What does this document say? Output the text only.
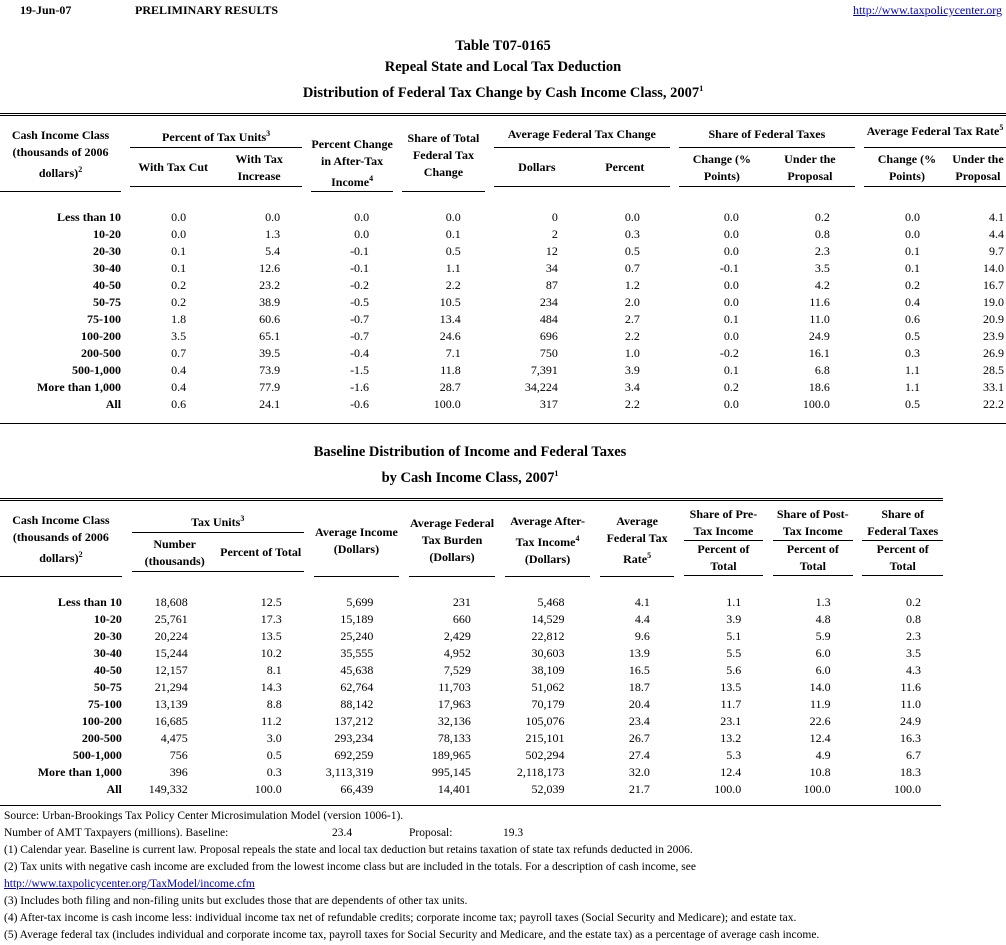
19-Jun-07	PRELIMINARY RESULTS	http://www.taxpolicycenter.org
Table T07-0165
Repeal State and Local Tax Deduction
Distribution of Federal Tax Change by Cash Income Class, 2007$^1$

Cash Income Class (thousands of 2006 dollars)$^2$

Percent of Tax Units$^3$
With Tax Cut
With Tax Increase
		Percent Change in After-Tax Income$^4$		Share of Total Federal Tax Change		
Average Federal Tax Change
Dollars	Percent

Share of Federal Taxes
Change (% Points)
Under the Proposal

Average Federal Tax Rate$^5$
Change (% Points)
Under the Proposal

Less than 10		0.0	0.0		0.0		0.0		0	0.0		0.0	0.2		0.0	4.1
10-20		0.0	1.3		0.0		0.1		2	0.3		0.0	0.8		0.0	4.4
20-30		0.1	5.4		-0.1		0.5		12	0.5		0.0	2.3		0.1	9.7
30-40		0.1	12.6		-0.1		1.1		34	0.7		-0.1	3.5		0.1	14.0
40-50		0.2	23.2		-0.2		2.2		87	1.2		0.0	4.2		0.2	16.7
50-75		0.2	38.9		-0.5		10.5		234	2.0		0.0	11.6		0.4	19.0
75-100		1.8	60.6		-0.7		13.4		484	2.7		0.1	11.0		0.6	20.9
100-200		3.5	65.1		-0.7		24.6		696	2.2		0.0	24.9		0.5	23.9
200-500		0.7	39.5		-0.4		7.1		750	1.0		-0.2	16.1		0.3	26.9
500-1,000		0.4	73.9		-1.5		11.8		7,391	3.9		0.1	6.8		1.1	28.5
More than 1,000		0.4	77.9		-1.6		28.7		34,224	3.4		0.2	18.6		1.1	33.1
All		0.6	24.1		-0.6		100.0		317	2.2		0.0	100.0		0.5	22.2
Baseline Distribution of Income and Federal Taxes
by Cash Income Class, 2007$^1$

Cash Income Class (thousands of 2006 dollars)$^2$

Tax Units$^3$
Number (thousands)
Percent of Total
		Average Income (Dollars)		Average Federal Tax Burden (Dollars)		Average After-Tax Income$^4$ (Dollars)		Average Federal Tax Rate$^5$		
Share of Pre-Tax Income
Percent of Total

Share of Post-Tax Income
Percent of Total

Share of Federal Taxes
Percent of Total

Less than 10		18,608	12.5		5,699		231		5,468		4.1		1.1		1.3		0.2
10-20		25,761	17.3		15,189		660		14,529		4.4		3.9		4.8		0.8
20-30		20,224	13.5		25,240		2,429		22,812		9.6		5.1		5.9		2.3
30-40		15,244	10.2		35,555		4,952		30,603		13.9		5.5		6.0		3.5
40-50		12,157	8.1		45,638		7,529		38,109		16.5		5.6		6.0		4.3
50-75		21,294	14.3		62,764		11,703		51,062		18.7		13.5		14.0		11.6
75-100		13,139	8.8		88,142		17,963		70,179		20.4		11.7		11.9		11.0
100-200		16,685	11.2		137,212		32,136		105,076		23.4		23.1		22.6		24.9
200-500		4,475	3.0		293,234		78,133		215,101		26.7		13.2		12.4		16.3
500-1,000		756	0.5		692,259		189,965		502,294		27.4		5.3		4.9		6.7
More than 1,000		396	0.3		3,113,319		995,145		2,118,173		32.0		12.4		10.8		18.3
All		149,332	100.0		66,439		14,401		52,039		21.7		100.0		100.0		100.0
Source: Urban-Brookings Tax Policy Center Microsimulation Model (version 1006-1).
Number of AMT Taxpayers (millions). Baseline:	23.4	Proposal:	19.3
(1) Calendar year. Baseline is current law. Proposal repeals the state and local tax deduction but retains taxation of state tax refunds deducted in 2006.
(2) Tax units with negative cash income are excluded from the lowest income class but are included in the totals. For a description of cash income, see
http://www.taxpolicycenter.org/TaxModel/income.cfm
(3) Includes both filing and non-filing units but excludes those that are dependents of other tax units.
(4) After-tax income is cash income less: individual income tax net of refundable credits; corporate income tax; payroll taxes (Social Security and Medicare); and estate tax.
(5) Average federal tax (includes individual and corporate income tax, payroll taxes for Social Security and Medicare, and the estate tax) as a percentage of average cash income.
